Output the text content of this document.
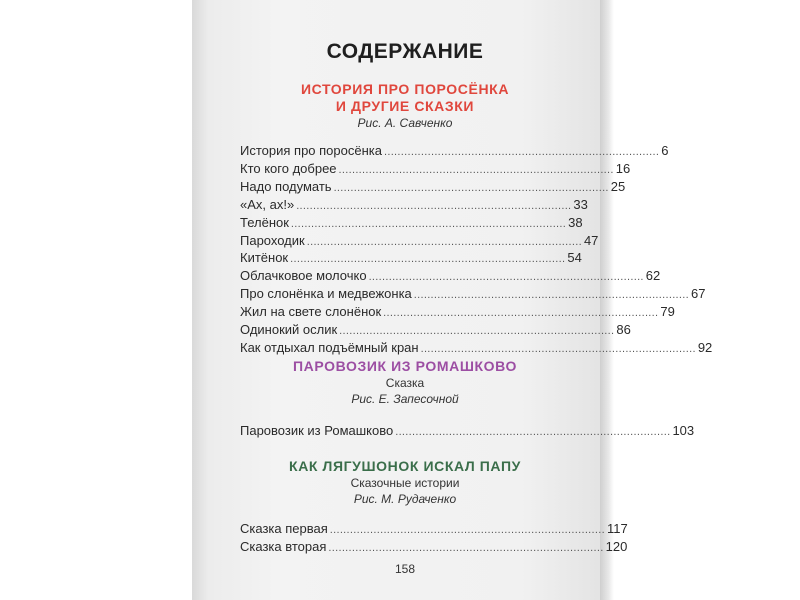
СОДЕРЖАНИЕ
ИСТОРИЯ ПРО ПОРОСЁНКА
И ДРУГИЕ СКАЗКИ
Рис. А. Савченко
История про поросёнка .................................................................................. 6
Кто кого добрее .................................................................................. 16
Надо подумать .................................................................................. 25
«Ах, ах!» .................................................................................. 33
Телёнок .................................................................................. 38
Пароходик .................................................................................. 47
Китёнок .................................................................................. 54
Облачковое молочко .................................................................................. 62
Про слонёнка и медвежонка .................................................................................. 67
Жил на свете слонёнок .................................................................................. 79
Одинокий ослик .................................................................................. 86
Как отдыхал подъёмный кран .................................................................................. 92
ПАРОВОЗИК ИЗ РОМАШКОВО
Сказка
Рис. Е. Запесочной
Паровозик из Ромашково .................................................................................. 103
КАК ЛЯГУШОНОК ИСКАЛ ПАПУ
Сказочные истории
Рис. М. Рудаченко
Сказка первая .................................................................................. 117
Сказка вторая .................................................................................. 120
158
